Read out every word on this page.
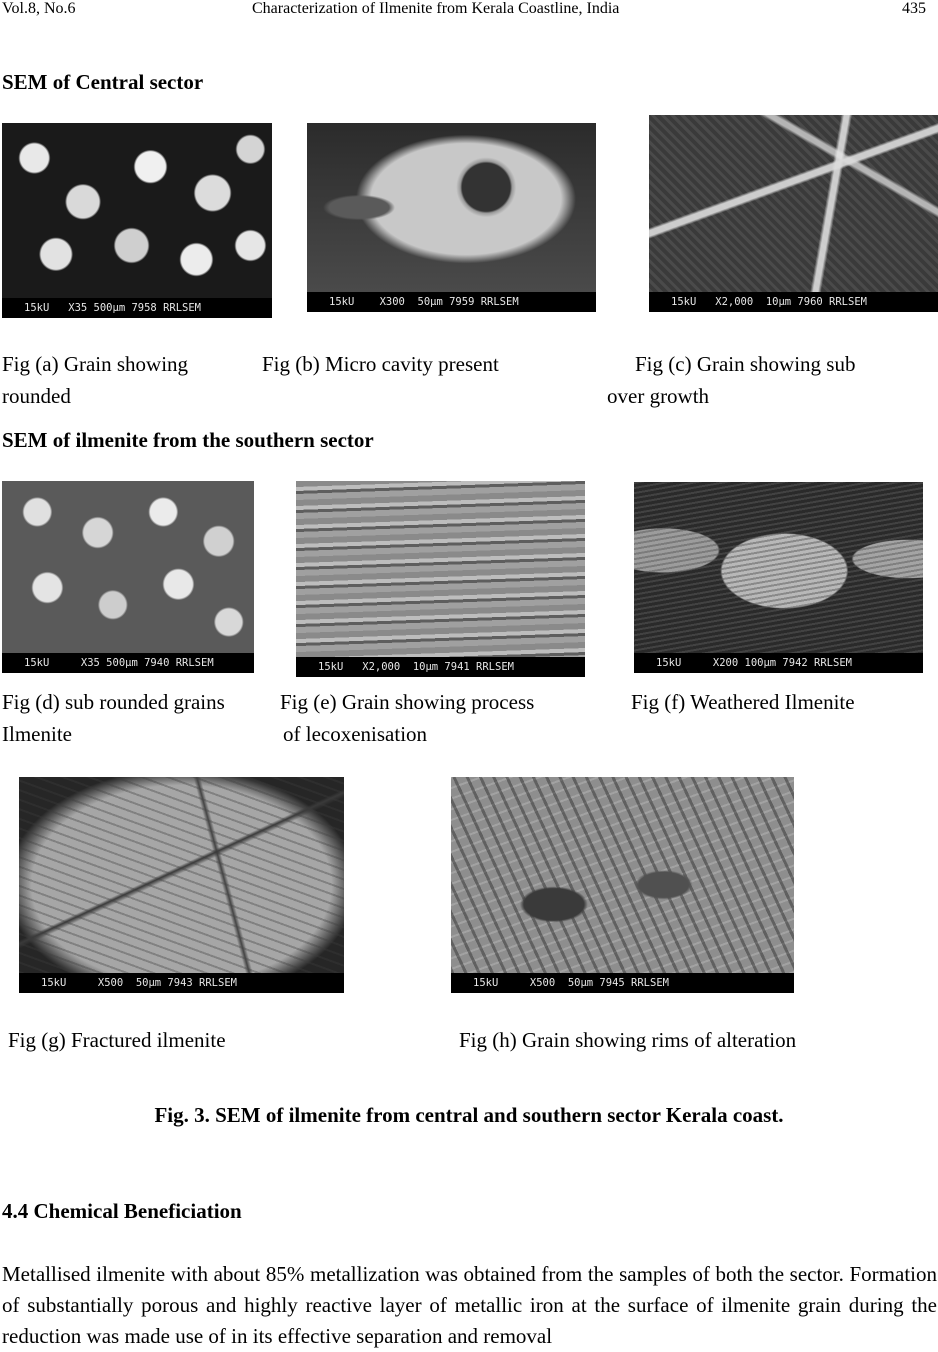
Vol.8, No.6	Characterization of Ilmenite from Kerala Coastline, India	435
SEM of Central sector
15kU   X35 500µm 7958 RRLSEM	15kU    X300  50µm 7959 RRLSEM	15kU   X2,000  10µm 7960 RRLSEM
Fig (a) Grain showing
rounded
Fig (b) Micro cavity present	Fig (c) Grain showing sub
over growth
SEM of ilmenite from the southern sector
15kU     X35 500µm 7940 RRLSEM	15kU   X2,000  10µm 7941 RRLSEM	15kU     X200 100µm 7942 RRLSEM
Fig (d) sub rounded grains
Ilmenite
Fig (e) Grain showing process
of lecoxenisation
Fig (f) Weathered Ilmenite
15kU     X500  50µm 7943 RRLSEM	15kU     X500  50µm 7945 RRLSEM
Fig (g) Fractured ilmenite	Fig (h) Grain showing rims of alteration
Fig. 3. SEM of ilmenite from central and southern sector Kerala coast.
4.4 Chemical Beneficiation
Metallised ilmenite with about 85% metallization was obtained from the samples of both the sector. Formation of substantially porous and highly reactive layer of metallic iron at the surface of ilmenite grain during the reduction was made use of in its effective separation and removal
